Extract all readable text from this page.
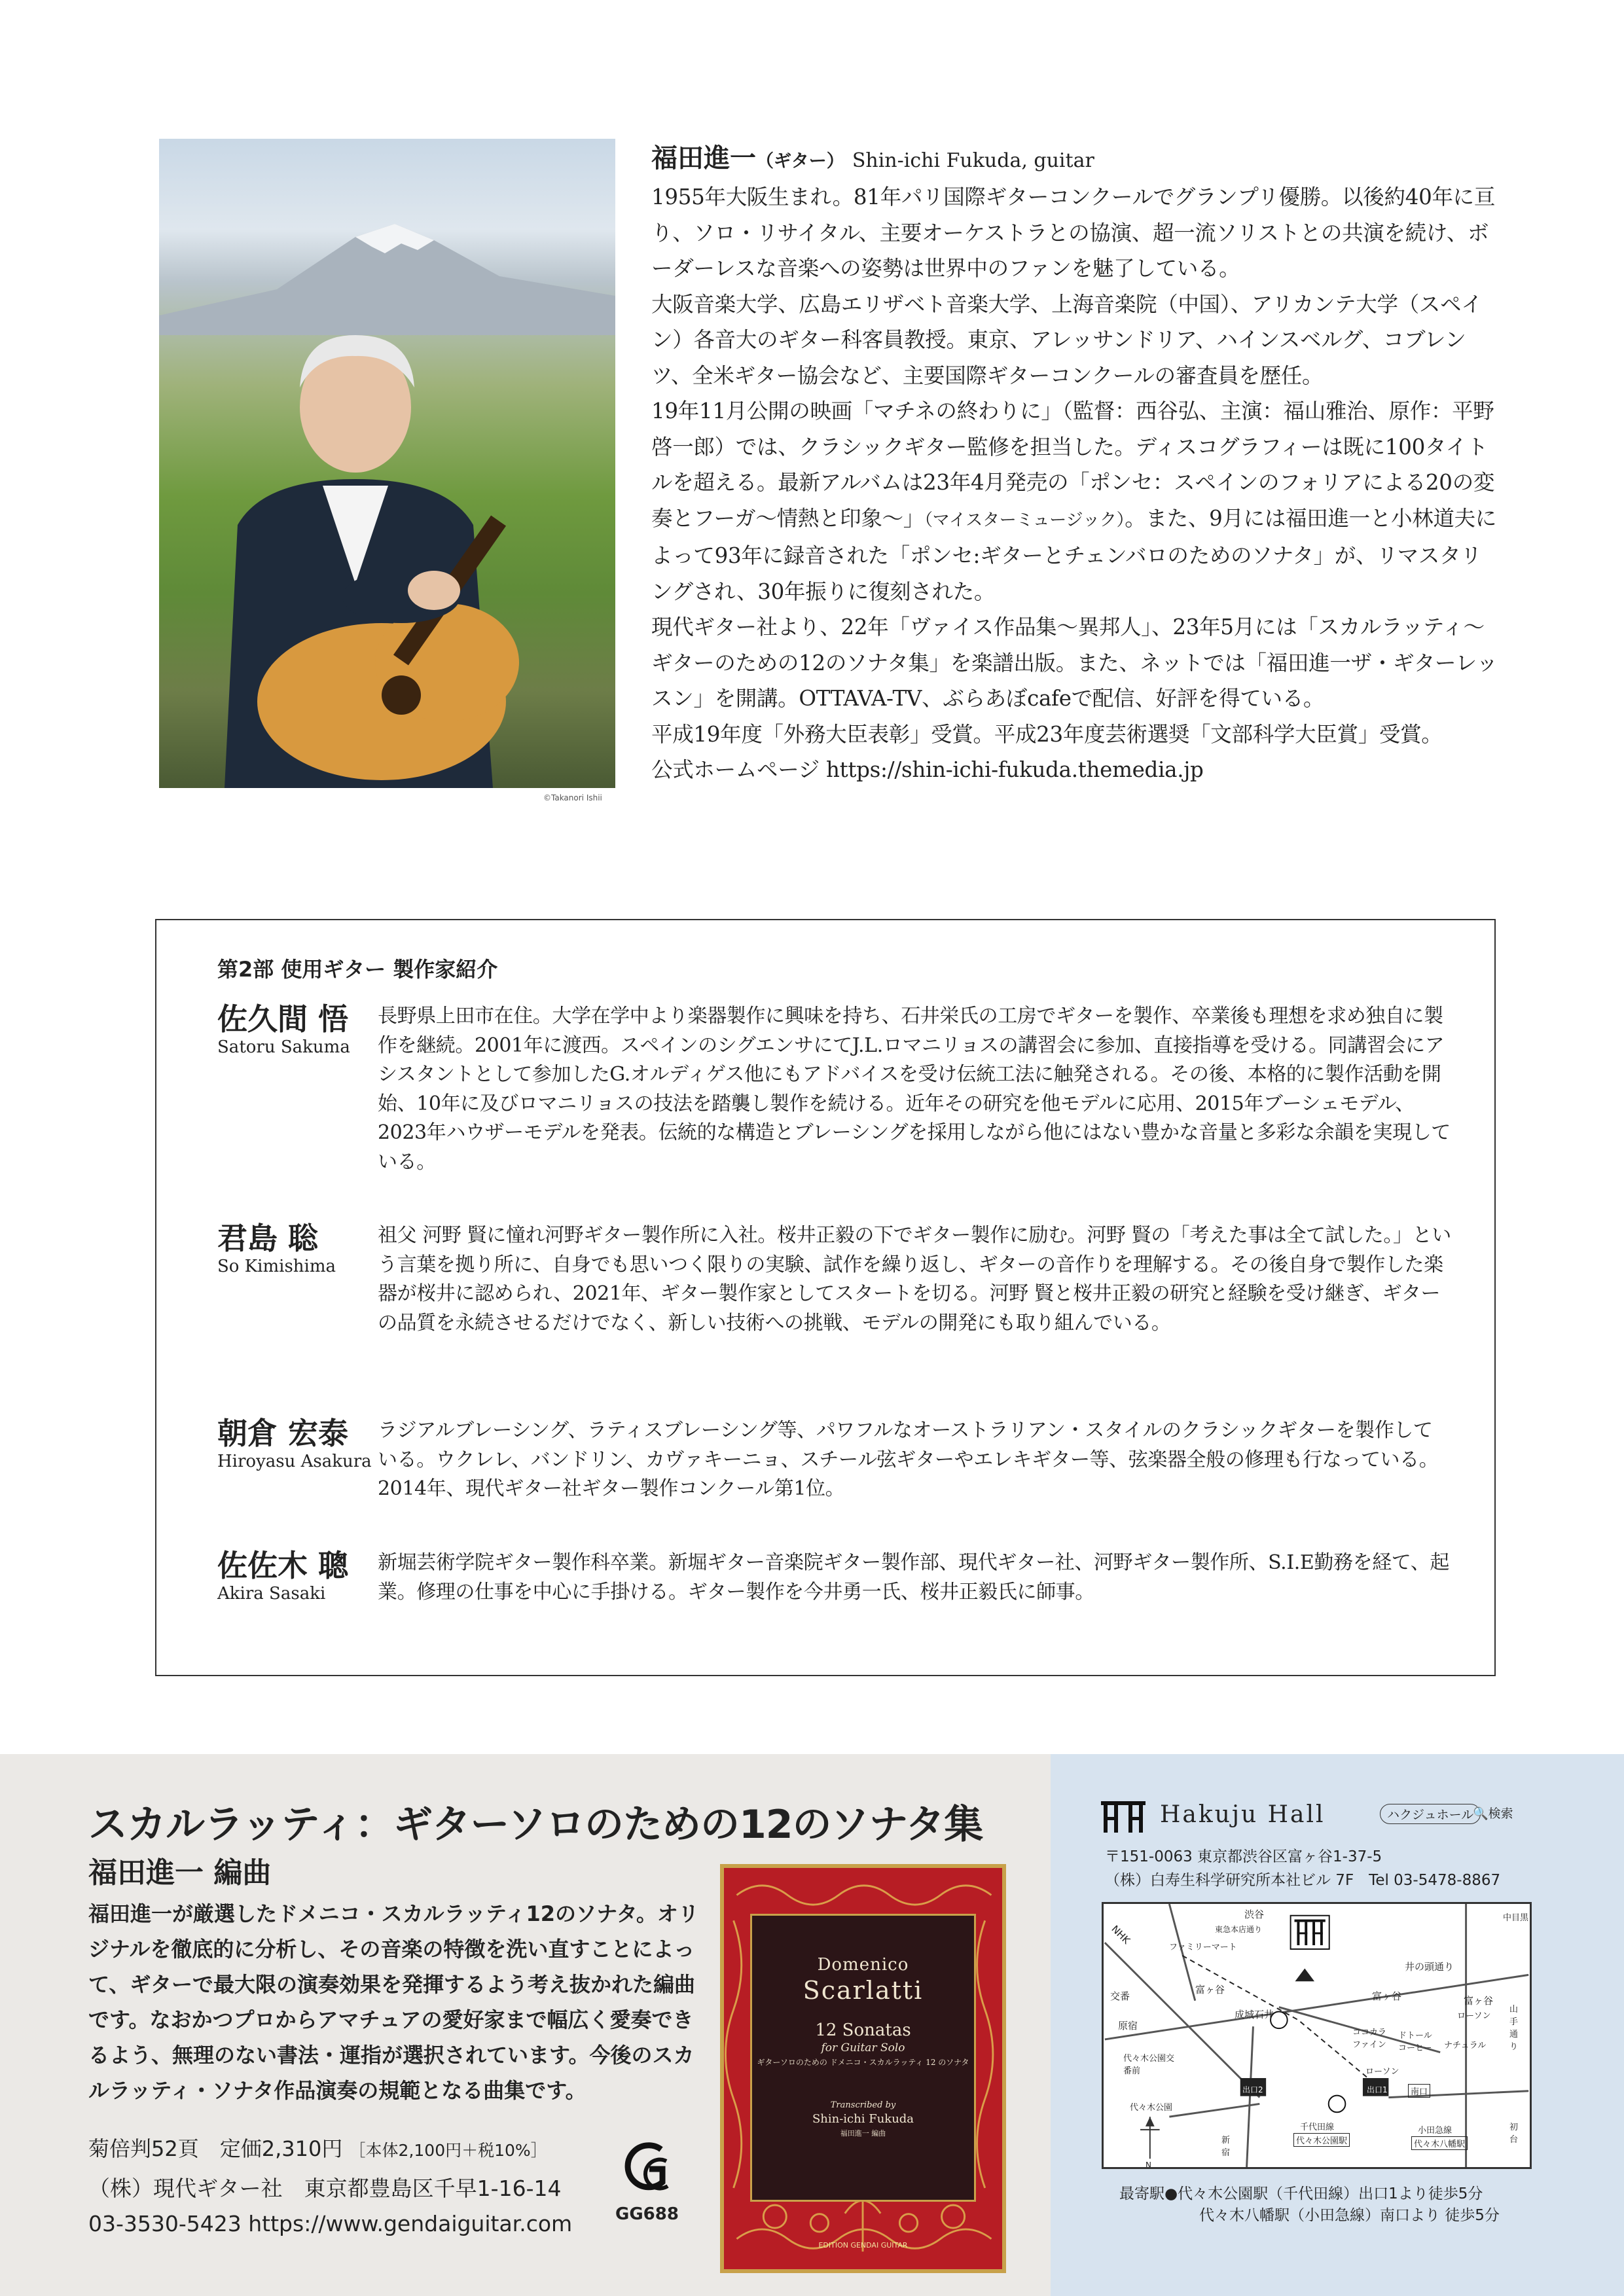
©Takanori Ishii
福田進一（ギター） Shin-ichi Fukuda, guitar

1955年大阪生まれ。81年パリ国際ギターコンクールでグランプリ優勝。以後約40年に亘り、ソロ・リサイタル、主要オーケストラとの協演、超一流ソリストとの共演を続け、ボーダーレスな音楽への姿勢は世界中のファンを魅了している。

大阪音楽大学、広島エリザベト音楽大学、上海音楽院（中国）、アリカンテ大学（スペイン）各音大のギター科客員教授。東京、アレッサンドリア、ハインスベルグ、コブレンツ、全米ギター協会など、主要国際ギターコンクールの審査員を歴任。

19年11月公開の映画「マチネの終わりに」（監督：西谷弘、主演：福山雅治、原作：平野啓一郎）では、クラシックギター監修を担当した。ディスコグラフィーは既に100タイトルを超える。最新アルバムは23年4月発売の「ポンセ：スペインのフォリアによる20の変奏とフーガ～情熱と印象～」（マイスターミュージック）。また、9月には福田進一と小林道夫によって93年に録音された「ポンセ:ギターとチェンバロのためのソナタ」が、リマスタリングされ、30年振りに復刻された。

現代ギター社より、22年「ヴァイス作品集～異邦人」、23年5月には「スカルラッティ～ギターのための12のソナタ集」を楽譜出版。また、ネットでは「福田進一ザ・ギターレッスン」を開講。OTTAVA-TV、ぶらあぼcafeで配信、好評を得ている。

平成19年度「外務大臣表彰」受賞。平成23年度芸術選奨「文部科学大臣賞」受賞。

公式ホームページ https://shin-ichi-fukuda.themedia.jp

第2部 使用ギター 製作家紹介
佐久間 悟
Satoru Sakuma
長野県上田市在住。大学在学中より楽器製作に興味を持ち、石井栄氏の工房でギターを製作、卒業後も理想を求め独自に製作を継続。2001年に渡西。スペインのシグエンサにてJ.L.ロマニリョスの講習会に参加、直接指導を受ける。同講習会にアシスタントとして参加したG.オルディゲス他にもアドバイスを受け伝統工法に触発される。その後、本格的に製作活動を開始、10年に及びロマニリョスの技法を踏襲し製作を続ける。近年その研究を他モデルに応用、2015年ブーシェモデル、2023年ハウザーモデルを発表。伝統的な構造とブレーシングを採用しながら他にはない豊かな音量と多彩な余韻を実現している。
君島 聡
So Kimishima
祖父 河野 賢に憧れ河野ギター製作所に入社。桜井正毅の下でギター製作に励む。河野 賢の「考えた事は全て試した。」という言葉を拠り所に、自身でも思いつく限りの実験、試作を繰り返し、ギターの音作りを理解する。その後自身で製作した楽器が桜井に認められ、2021年、ギター製作家としてスタートを切る。河野 賢と桜井正毅の研究と経験を受け継ぎ、ギターの品質を永続させるだけでなく、新しい技術への挑戦、モデルの開発にも取り組んでいる。
朝倉 宏泰
Hiroyasu Asakura
ラジアルブレーシング、ラティスブレーシング等、パワフルなオーストラリアン・スタイルのクラシックギターを製作している。ウクレレ、バンドリン、カヴァキーニョ、スチール弦ギターやエレキギター等、弦楽器全般の修理も行なっている。2014年、現代ギター社ギター製作コンクール第1位。
佐佐木 聰
Akira Sasaki
新堀芸術学院ギター製作科卒業。新堀ギター音楽院ギター製作部、現代ギター社、河野ギター製作所、S.I.E勤務を経て、起業。修理の仕事を中心に手掛ける。ギター製作を今井勇一氏、桜井正毅氏に師事。
スカルラッティ：ギターソロのための12のソナタ集
福田進一 編曲
福田進一が厳選したドメニコ・スカルラッティ12のソナタ。オリジナルを徹底的に分析し、その音楽の特徴を洗い直すことによって、ギターで最大限の演奏効果を発揮するよう考え抜かれた編曲です。なおかつプロからアマチュアの愛好家まで幅広く愛奏できるよう、無理のない書法・運指が選択されています。今後のスカルラッティ・ソナタ作品演奏の規範となる曲集です。
菊倍判52頁　 定価2,310円 ［本体2,100円＋税10%］
（株）現代ギター社　東京都豊島区千早1-16-14
03-3530-5423 https://www.gendaiguitar.com	GG688
Domenico
Scarlatti
12 Sonatas
for Guitar Solo
ギターソロのための ドメニコ・スカルラッティ 12 のソナタ
Transcribed by
Shin-ichi Fukuda
福田進一 編曲
EDITION GENDAI GUITAR
Hakuju Hall	ハクジュホール
🔍検索
〒151-0063 東京都渋谷区富ヶ谷1-37-5
（株）白寿生科学研究所本社ビル 7F　Tel 03-5478-8867
NHK
渋谷
東急本店通り
ファミリーマート
中目黒
井の頭通り
交番
富ヶ谷
富ヶ谷	富ヶ谷
原宿
成城石井
ココカラファイン
ドトールコーヒー	ナチュラル
ローソン
ローソン
山手通り
代々木公園交番前
代々木公園
出口2	出口1	南口
新宿
初台
千代田線
代々木公園駅
小田急線
代々木八幡駅
N
最寄駅●代々木公園駅（千代田線）出口1より徒歩5分
代々木八幡駅（小田急線）南口より 徒歩5分
